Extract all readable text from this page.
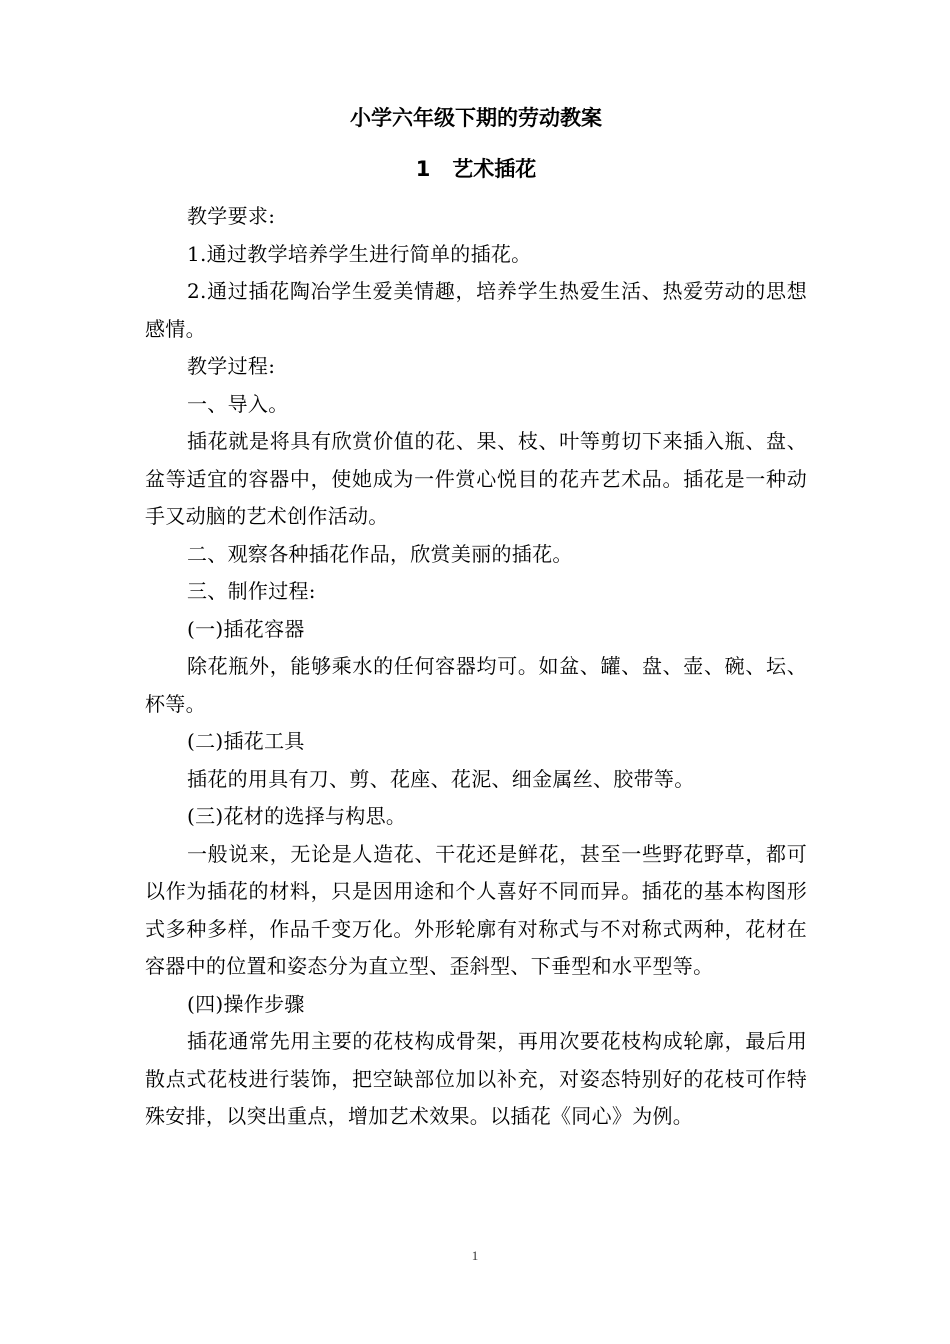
小学六年级下期的劳动教案
1   艺术插花

教学要求:

1.通过教学培养学生进行简单的插花。

2.通过插花陶冶学生爱美情趣，培养学生热爱生活、热爱劳动的思想感情。

教学过程:

一、导入。

插花就是将具有欣赏价值的花、果、枝、叶等剪切下来插入瓶、盘、盆等适宜的容器中，使她成为一件赏心悦目的花卉艺术品。插花是一种动手又动脑的艺术创作活动。

二、观察各种插花作品，欣赏美丽的插花。

三、制作过程:

(一)插花容器

除花瓶外，能够乘水的任何容器均可。如盆、罐、盘、壶、碗、坛、杯等。

(二)插花工具

插花的用具有刀、剪、花座、花泥、细金属丝、胶带等。

(三)花材的选择与构思。

一般说来，无论是人造花、干花还是鲜花，甚至一些野花野草，都可以作为插花的材料，只是因用途和个人喜好不同而异。插花的基本构图形式多种多样，作品千变万化。外形轮廓有对称式与不对称式两种，花材在容器中的位置和姿态分为直立型、歪斜型、下垂型和水平型等。

(四)操作步骤

插花通常先用主要的花枝构成骨架，再用次要花枝构成轮廓，最后用散点式花枝进行装饰，把空缺部位加以补充，对姿态特别好的花枝可作特殊安排，以突出重点，增加艺术效果。以插花《同心》为例。

1
